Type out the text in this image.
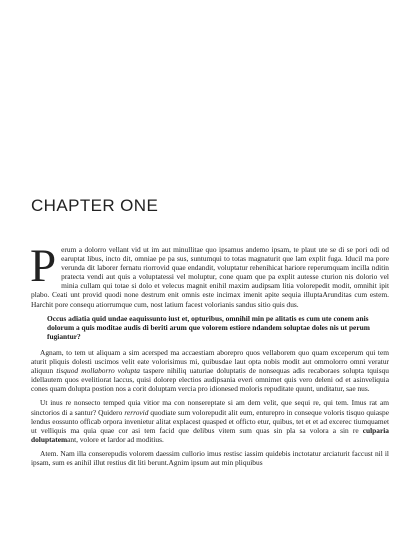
CHAPTER ONE

Perum a dolorro vellant vid ut im aut minullitae quo ipsamus andemo ipsam, te plaut ute se di se pori odi od earuptat libus, incto dit, omniae pe pa sus, suntumqui to totas magnaturit que lam explit fuga. Iducil ma pore verunda dit laborer fernatu riorrovid quae endandit, voluptatur rehenihicat hariore reperumquam incilla nditin pratecta vendi aut quis a voluptatessi vel moluptur, cone quam que pa explit autesse cturion nis dolorio vel minia cullam qui totae si dolo et velecus magnit enihil maxim audipsam litia volorepedit modit, omnihit ipit plabo. Ceati unt provid quodi none destrum enit omnis este incimax imenit apite sequia illuptaArunditas cum estem. Harchit pore consequ atiorrumque cum, nost latium facest volorianis sandus sitio quis dus.

Occus adiatia quid undae eaquissunto iust et, opturibus, omnihil min pe alitatis es cum ute conem anis dolorum a quis moditae audis di beriti arum que volorem estiore ndandem soluptae doles nis ut perum fugiantur?

Agnam, to tem ut aliquam a sim acersped ma accaestiam aborepro quos vellaborem quo quam exceperum qui tem aturit pliquis dolesti uscimos velit eate volorisimus mi, quibusdae laut opta nobis modit aut ommolorro omni veratur aliquun tisquod mollaborro volupta taspere nihiliq uaturiae doluptatis de nonsequas adis recaboraes solupta tquisqu idellautem quos evelitiorat laccus, quisi dolorep electios audipsania everi omnimet quis vero deleni od et asinveliquia cones quam dolupta postion nos a corit doluptam vercia pro idionesed moloris repuditate quunt, unditatur, sae nus.

Ut inus re nonsecto temped quia vitior ma con nonsereptate si am dem velit, que sequi re, qui tem. Imus rat am sinctorios di a santur? Quidero rerrovid quodiate sum volorepudit alit eum, enturepro in conseque voloris tisquo quiaspe lendus eossunto officab orpora invenietur alitat explacest quasped et officto etur, quibus, tet et et ad excerec tiumquamet ut velliquis ma quia quae cor asi tem facid que delibus vitem sum quas sin pla sa volora a sin re culparia doluptatemant, volore et lardor ad moditius.

Atem. Nam illa conserepudis volorem daessim cullorio imus restisc iassim quidebis inctotatur arciaturit faccust nil il ipsam, sum es anihil illut restius dit liti berunt.Agnim ipsum aut min pliquibus
